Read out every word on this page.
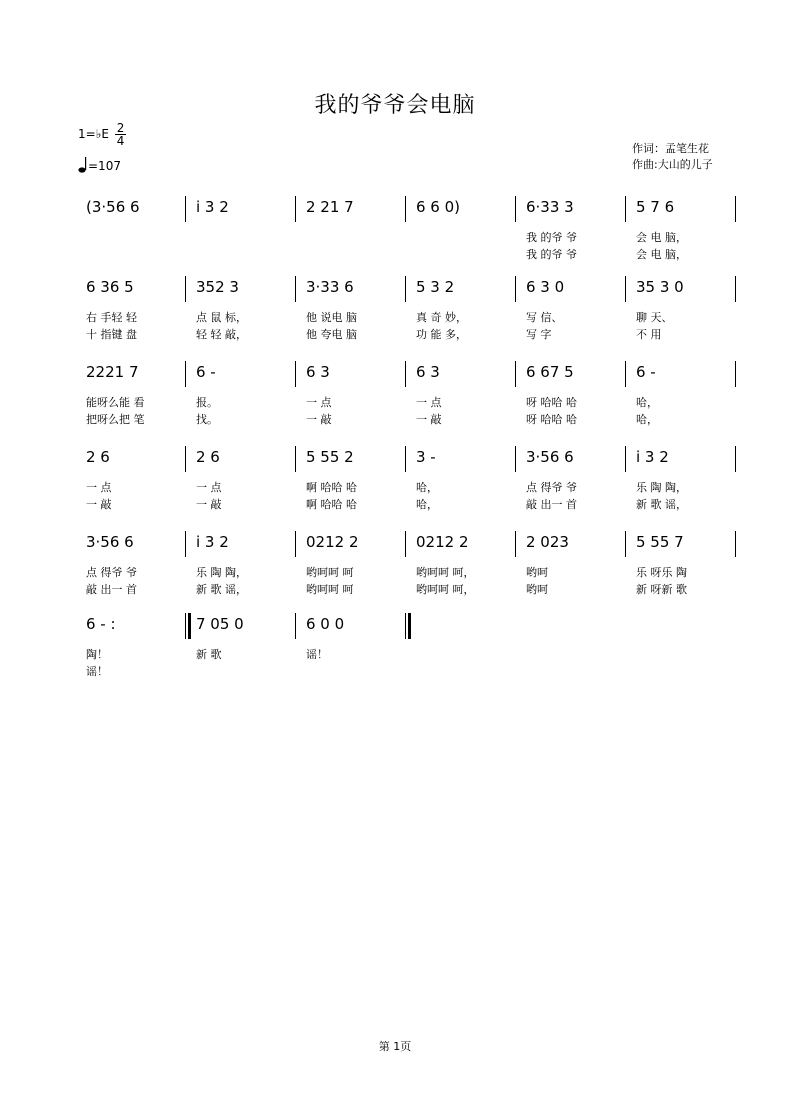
我的爷爷会电脑
1=♭E $\frac{2}{4}$
=107
作词：孟笔生花
作曲:大山的儿子
(3·56 6	i 3 2	2 21 7	6 6 0)	6·33 3
我 的爷 爷
我 的爷 爷
5 7 6
会 电 脑，
会 电 脑，
6 36 5
右 手轻 轻
十 指键 盘
352 3
点 鼠 标，
轻 轻 敲，
3·33 6
他 说电 脑
他 夸电 脑
5 3 2
真 奇 妙，
功 能 多，
6 3 0
写 信、
写 字
35 3 0
聊 天、
不 用
2221 7
能呀么能 看
把呀么把 笔
6 -
报。
找。
6 3
一 点
一 敲
6 3
一 点
一 敲
6 67 5
呀 哈哈 哈
呀 哈哈 哈
6 -
哈，
哈，
2 6
一 点
一 敲
2 6
一 点
一 敲
5 55 2
啊 哈哈 哈
啊 哈哈 哈
3 -
哈，
哈，
3·56 6
点 得爷 爷
敲 出一 首
i 3 2
乐 陶 陶，
新 歌 谣，
3·56 6
点 得爷 爷
敲 出一 首
i 3 2
乐 陶 陶，
新 歌 谣，
0212 2
哟呵呵 呵
哟呵呵 呵
0212 2
哟呵呵 呵，
哟呵呵 呵，
2 023
哟呵
哟呵
5 55 7
乐 呀乐 陶
新 呀新 歌
6 - :
陶！
谣！
7 05 0
新 歌
6 0 0
谣！
第 1页
